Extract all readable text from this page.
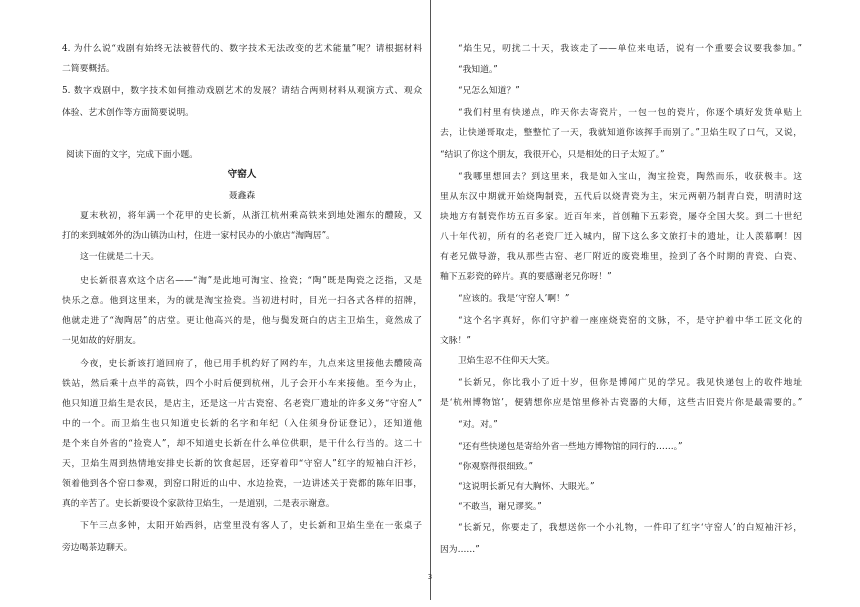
4. 为什么说“戏剧有始终无法被替代的、数字技术无法改变的艺术能量”呢？请根据材料
二简要概括。
5. 数字戏剧中，数字技术如何推动戏剧艺术的发展？请结合两则材料从观演方式、观众
体验、艺术创作等方面简要说明。
阅读下面的文字，完成下面小题。
守窑人
聂鑫森
夏末秋初，将年满一个花甲的史长新，从浙江杭州乘高铁来到地处湘东的醴陵，又
打的来到城郊外的沩山镇沩山村，住进一家村民办的小旅店“淘陶居”。
这一住就是二十天。
史长新很喜欢这个店名——“淘”是此地可淘宝、捡瓷；“陶”既是陶瓷之泛指，又是
快乐之意。他到这里来，为的就是淘宝捡瓷。当初进村时，目光一扫各式各样的招牌，
他就走进了“淘陶居”的店堂。更让他高兴的是，他与鬓发斑白的店主卫焰生，竟然成了
一见如故的好朋友。
今夜，史长新该打道回府了，他已用手机约好了网约车，九点来这里接他去醴陵高
铁站，然后乘十点半的高铁，四个小时后便到杭州，儿子会开小车来接他。至今为止，
他只知道卫焰生是农民，是店主，还是这一片古瓷窑、名老瓷厂遗址的许多义务“守窑人”
中的一个。而卫焰生也只知道史长新的名字和年纪（入住须身份证登记），还知道他
是个来自外省的“捡瓷人”，却不知道史长新在什么单位供职，是干什么行当的。这二十
天，卫焰生周到热情地安排史长新的饮食起居，还穿着印“守窑人”红字的短袖白汗衫，
领着他到各个窑口参观，到窑口附近的山中、水边捡瓷，一边讲述关于瓷都的陈年旧事，
真的辛苦了。史长新要设个家款待卫焰生，一是道别，二是表示谢意。
下午三点多钟，太阳开始西斜，店堂里没有客人了，史长新和卫焰生坐在一张桌子
旁边喝茶边聊天。
“焰生兄，叨扰二十天，我该走了——单位来电话，说有一个重要会议要我参加。”
“我知道。”
“兄怎么知道？”
“我们村里有快递点，昨天你去寄瓷片，一包一包的瓷片，你逐个填好发货单贴上
去，让快递哥取走，整整忙了一天，我就知道你该挥手而别了。”卫焰生叹了口气，又说，
“结识了你这个朋友，我很开心，只是相处的日子太短了。”
“我哪里想回去？到这里来，我是如入宝山，淘宝捡瓷，陶然而乐，收获极丰。这
里从东汉中期就开始烧陶制瓷，五代后以烧青瓷为主，宋元两朝乃制青白瓷，明清时这
块地方有制瓷作坊五百多家。近百年来，首创釉下五彩瓷，屡夺全国大奖。到二十世纪
八十年代初，所有的名老瓷厂迁入城内，留下这么多文旅打卡的遗址，让人羡慕啊！因
有老兄做导游，我从那些古窑、老厂附近的废瓷堆里，捡到了各个时期的青瓷、白瓷、
釉下五彩瓷的碎片。真的要感谢老兄你呀！”
“应该的。我是‘守窑人’啊！”
“这个名字真好，你们守护着一座座烧瓷窑的文脉，不，是守护着中华工匠文化的
文脉！”
卫焰生忍不住仰天大笑。
“长新兄，你比我小了近十岁，但你是博闻广见的学兄。我见快递包上的收件地址
是‘杭州博物馆’，便猜想你应是馆里修补古瓷器的大师，这些古旧瓷片你是最需要的。”
“对。对。”
“还有些快递包是寄给外省一些地方博物馆的同行的……。”
“你观察得很细致。”
“这说明长新兄有大胸怀、大眼光。”
“不敢当，谢兄谬奖。”
“长新兄，你要走了，我想送你一个小礼物，一件印了红字‘守窑人’的白短袖汗衫，
因为……”
3
